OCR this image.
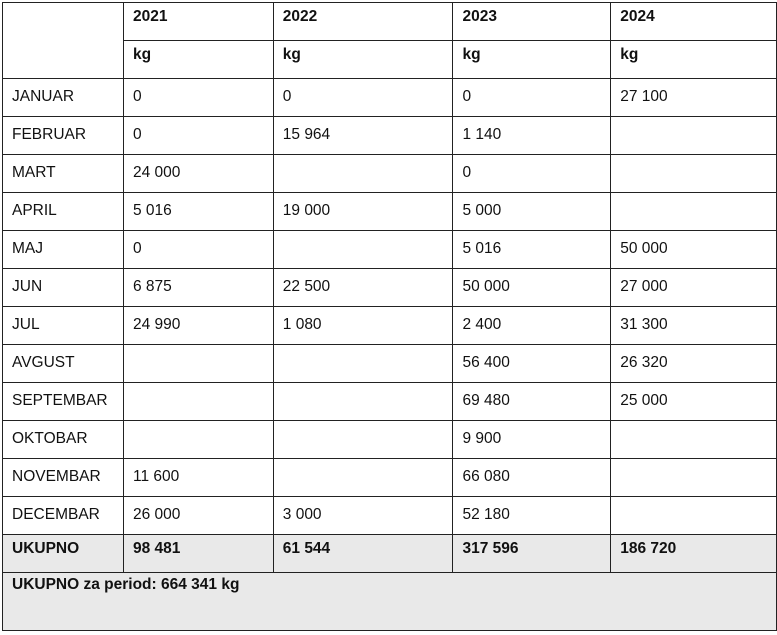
	2021	2022	2023	2024

	kg	kg	kg	kg

JANUAR	0	0	0	27 100

FEBRUAR	0	15 964	1 140	

MART	24 000		0	

APRIL	5 016	19 000	5 000	

MAJ	0		5 016	50 000

JUN	6 875	22 500	50 000	27 000

JUL	24 990	1 080	2 400	31 300

AVGUST			56 400	26 320

SEPTEMBAR			69 480	25 000

OKTOBAR			9 900	

NOVEMBAR	11 600		66 080	

DECEMBAR	26 000	3 000	52 180	

UKUPNO	98 481	61 544	317 596	186 720

UKUPNO za period: 664 341 kg				
